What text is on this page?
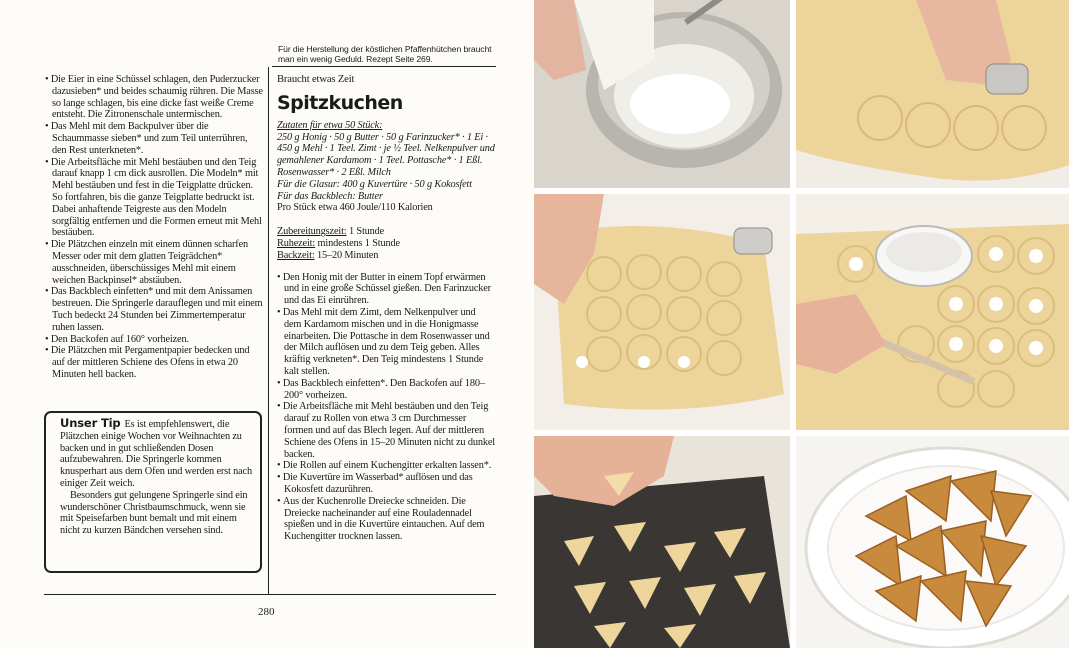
Für die Herstellung der köstlichen Pfaffenhütchen braucht man ein wenig Geduld. Rezept Seite 269.

• Die Eier in eine Schüssel schlagen, den Puderzucker dazusieben* und beides schaumig rühren. Die Masse so lange schlagen, bis eine dicke fast weiße Creme entsteht. Die Zitronenschale untermischen.

• Das Mehl mit dem Backpulver über die Schaummasse sieben* und zum Teil unterrühren, den Rest unterkneten*.

• Die Arbeitsfläche mit Mehl bestäuben und den Teig darauf knapp 1 cm dick ausrollen. Die Modeln* mit Mehl bestäuben und fest in die Teigplatte drücken. So fortfahren, bis die ganze Teigplatte bedruckt ist. Dabei anhaftende Teigreste aus den Modeln sorgfältig entfernen und die Formen erneut mit Mehl bestäuben.

• Die Plätzchen einzeln mit einem dünnen scharfen Messer oder mit dem glatten Teigrädchen* ausschneiden, überschüssiges Mehl mit einem weichen Backpinsel* abstäuben.

• Das Backblech einfetten* und mit dem Anissamen bestreuen. Die Springerle darauflegen und mit einem Tuch bedeckt 24 Stunden bei Zimmertemperatur ruhen lassen.

• Den Backofen auf 160° vorheizen.

• Die Plätzchen mit Pergamentpapier bedecken und auf der mittleren Schiene des Ofens in etwa 20 Minuten hell backen.

Unser Tip Es ist empfehlenswert, die Plätzchen einige Wochen vor Weihnachten zu backen und in gut schließenden Dosen aufzubewahren. Die Springerle kommen knusperhart aus dem Ofen und werden erst nach einiger Zeit weich.

Besonders gut gelungene Springerle sind ein wunderschöner Christbaumschmuck, wenn sie mit Speisefarben bunt bemalt und mit einem nicht zu kurzen Bändchen versehen sind.

Braucht etwas Zeit
Spitzkuchen
Zutaten für etwa 50 Stück:
250 g Honig · 50 g Butter · 50 g Farinzucker* · 1 Ei · 450 g Mehl · 1 Teel. Zimt · je ½ Teel. Nelkenpulver und gemahlener Kardamom · 1 Teel. Pottasche* · 1 Eßl. Rosenwasser* · 2 Eßl. Milch
Für die Glasur: 400 g Kuvertüre · 50 g Kokosfett
Für das Backblech: Butter
Pro Stück etwa 460 Joule/110 Kalorien
Zubereitungszeit: 1 Stunde
Ruhezeit: mindestens 1 Stunde
Backzeit: 15–20 Minuten

• Den Honig mit der Butter in einem Topf erwärmen und in eine große Schüssel gießen. Den Farinzucker und das Ei einrühren.

• Das Mehl mit dem Zimt, dem Nelkenpulver und dem Kardamom mischen und in die Honigmasse einarbeiten. Die Pottasche in dem Rosenwasser und der Milch auflösen und zu dem Teig geben. Alles kräftig verkneten*. Den Teig mindestens 1 Stunde kalt stellen.

• Das Backblech einfetten*. Den Backofen auf 180–200° vorheizen.

• Die Arbeitsfläche mit Mehl bestäuben und den Teig darauf zu Rollen von etwa 3 cm Durchmesser formen und auf das Blech legen. Auf der mittleren Schiene des Ofens in 15–20 Minuten nicht zu dunkel backen.

• Die Rollen auf einem Kuchengitter erkalten lassen*.

• Die Kuvertüre im Wasserbad* auflösen und das Kokosfett dazurühren.

• Aus der Kuchenrolle Dreiecke schneiden. Die Dreiecke nacheinander auf eine Rouladennadel spießen und in die Kuvertüre eintauchen. Auf dem Kuchengitter trocknen lassen.

280
